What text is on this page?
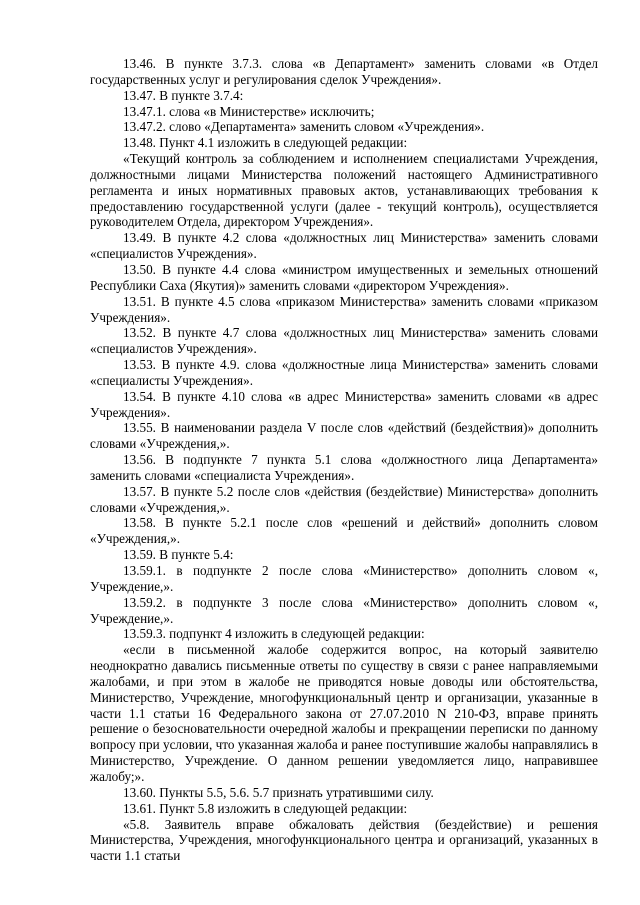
13.46. В пункте 3.7.3. слова «в Департамент» заменить словами «в Отдел государственных услуг и регулирования сделок Учреждения».

13.47. В пункте 3.7.4:

13.47.1. слова «в Министерстве» исключить;

13.47.2. слово «Департамента» заменить словом «Учреждения».

13.48. Пункт 4.1 изложить в следующей редакции:

«Текущий контроль за соблюдением и исполнением специалистами Учреждения, должностными лицами Министерства положений настоящего Административного регламента и иных нормативных правовых актов, устанавливающих требования к предоставлению государственной услуги (далее - текущий контроль), осуществляется руководителем Отдела, директором Учреждения».

13.49. В пункте 4.2 слова «должностных лиц Министерства» заменить словами «специалистов Учреждения».

13.50. В пункте 4.4 слова «министром имущественных и земельных отношений Республики Саха (Якутия)» заменить словами «директором Учреждения».

13.51. В пункте 4.5 слова «приказом Министерства» заменить словами «приказом Учреждения».

13.52. В пункте 4.7 слова «должностных лиц Министерства» заменить словами «специалистов Учреждения».

13.53. В пункте 4.9. слова «должностные лица Министерства» заменить словами «специалисты Учреждения».

13.54. В пункте 4.10 слова «в адрес Министерства» заменить словами «в адрес Учреждения».

13.55. В наименовании раздела V после слов «действий (бездействия)» дополнить словами «Учреждения,».

13.56. В подпункте 7 пункта 5.1 слова «должностного лица Департамента» заменить словами «специалиста Учреждения».

13.57. В пункте 5.2 после слов «действия (бездействие) Министерства» дополнить словами «Учреждения,».

13.58. В пункте 5.2.1 после слов «решений и действий» дополнить словом «Учреждения,».

13.59. В пункте 5.4:

13.59.1. в подпункте 2 после слова «Министерство» дополнить словом «, Учреждение,».

13.59.2. в подпункте 3 после слова «Министерство» дополнить словом «, Учреждение,».

13.59.3. подпункт 4 изложить в следующей редакции:

«если в письменной жалобе содержится вопрос, на который заявителю неоднократно давались письменные ответы по существу в связи с ранее направляемыми жалобами, и при этом в жалобе не приводятся новые доводы или обстоятельства, Министерство, Учреждение, многофункциональный центр и организации, указанные в части 1.1 статьи 16 Федерального закона от 27.07.2010 N 210-ФЗ, вправе принять решение о безосновательности очередной жалобы и прекращении переписки по данному вопросу при условии, что указанная жалоба и ранее поступившие жалобы направлялись в Министерство, Учреждение. О данном решении уведомляется лицо, направившее жалобу;».

13.60. Пункты 5.5, 5.6. 5.7 признать утратившими силу.

13.61. Пункт 5.8 изложить в следующей редакции:

«5.8. Заявитель вправе обжаловать действия (бездействие) и решения Министерства, Учреждения, многофункционального центра и организаций, указанных в части 1.1 статьи
